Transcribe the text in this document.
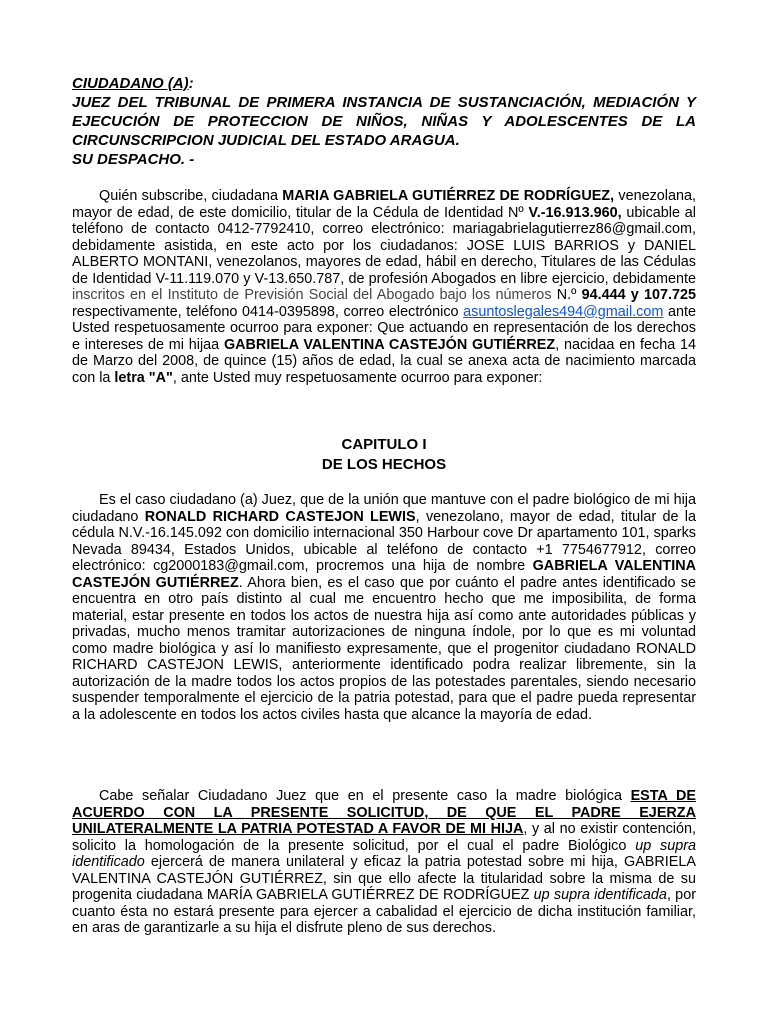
CIUDADANO (A):
JUEZ DEL TRIBUNAL DE PRIMERA INSTANCIA DE SUSTANCIACIÓN, MEDIACIÓN Y EJECUCIÓN DE PROTECCION DE NIÑOS, NIÑAS Y ADOLESCENTES DE LA CIRCUNSCRIPCION JUDICIAL DEL ESTADO ARAGUA.
SU DESPACHO. -
Quién subscribe, ciudadana MARIA GABRIELA GUTIÉRREZ DE RODRÍGUEZ, venezolana, mayor de edad, de este domicilio, titular de la Cédula de Identidad Nº V.-16.913.960, ubicable al teléfono de contacto 0412-7792410, correo electrónico: mariagabrielagutierrez86@gmail.com, debidamente asistida, en este acto por los ciudadanos: JOSE LUIS BARRIOS y DANIEL ALBERTO MONTANI, venezolanos, mayores de edad, hábil en derecho, Titulares de las Cédulas de Identidad V-11.119.070 y V-13.650.787, de profesión Abogados en libre ejercicio, debidamente inscritos en el Instituto de Previsión Social del Abogado bajo los números N.º 94.444 y 107.725 respectivamente, teléfono 0414-0395898, correo electrónico asuntoslegales494@gmail.com ante Usted respetuosamente ocurroo para exponer: Que actuando en representación de los derechos e intereses de mi hijaa GABRIELA VALENTINA CASTEJÓN GUTIÉRREZ, nacidaa en fecha 14 de Marzo del 2008, de quince (15) años de edad, la cual se anexa acta de nacimiento marcada con la letra "A", ante Usted muy respetuosamente ocurroo para exponer:
CAPITULO I
DE LOS HECHOS
Es el caso ciudadano (a) Juez, que de la unión que mantuve con el padre biológico de mi hija ciudadano RONALD RICHARD CASTEJON LEWIS, venezolano, mayor de edad, titular de la cédula N.V.-16.145.092 con domicilio internacional 350 Harbour cove Dr apartamento 101, sparks Nevada 89434, Estados Unidos, ubicable al teléfono de contacto +1 7754677912, correo electrónico: cg2000183@gmail.com, procremos una hija de nombre GABRIELA VALENTINA CASTEJÓN GUTIÉRREZ. Ahora bien, es el caso que por cuánto el padre antes identificado se encuentra en otro país distinto al cual me encuentro hecho que me imposibilita, de forma material, estar presente en todos los actos de nuestra hija así como ante autoridades públicas y privadas, mucho menos tramitar autorizaciones de ninguna índole, por lo que es mi voluntad como madre biológica y así lo manifiesto expresamente, que el progenitor ciudadano RONALD RICHARD CASTEJON LEWIS, anteriormente identificado podra realizar libremente, sin la autorización de la madre todos los actos propios de las potestades parentales, siendo necesario suspender temporalmente el ejercicio de la patria potestad, para que el padre pueda representar a la adolescente en todos los actos civiles hasta que alcance la mayoría de edad.
Cabe señalar Ciudadano Juez que en el presente caso la madre biológica ESTA DE ACUERDO CON LA PRESENTE SOLICITUD, DE QUE EL PADRE EJERZA UNILATERALMENTE LA PATRIA POTESTAD A FAVOR DE MI HIJA, y al no existir contención, solicito la homologación de la presente solicitud, por el cual el padre Biológico up supra identificado ejercerá de manera unilateral y eficaz la patria potestad sobre mi hija, GABRIELA VALENTINA CASTEJÓN GUTIÉRREZ, sin que ello afecte la titularidad sobre la misma de su progenita ciudadana MARÍA GABRIELA GUTIÉRREZ DE RODRÍGUEZ up supra identificada, por cuanto ésta no estará presente para ejercer a cabalidad el ejercicio de dicha institución familiar, en aras de garantizarle a su hija el disfrute pleno de sus derechos.
